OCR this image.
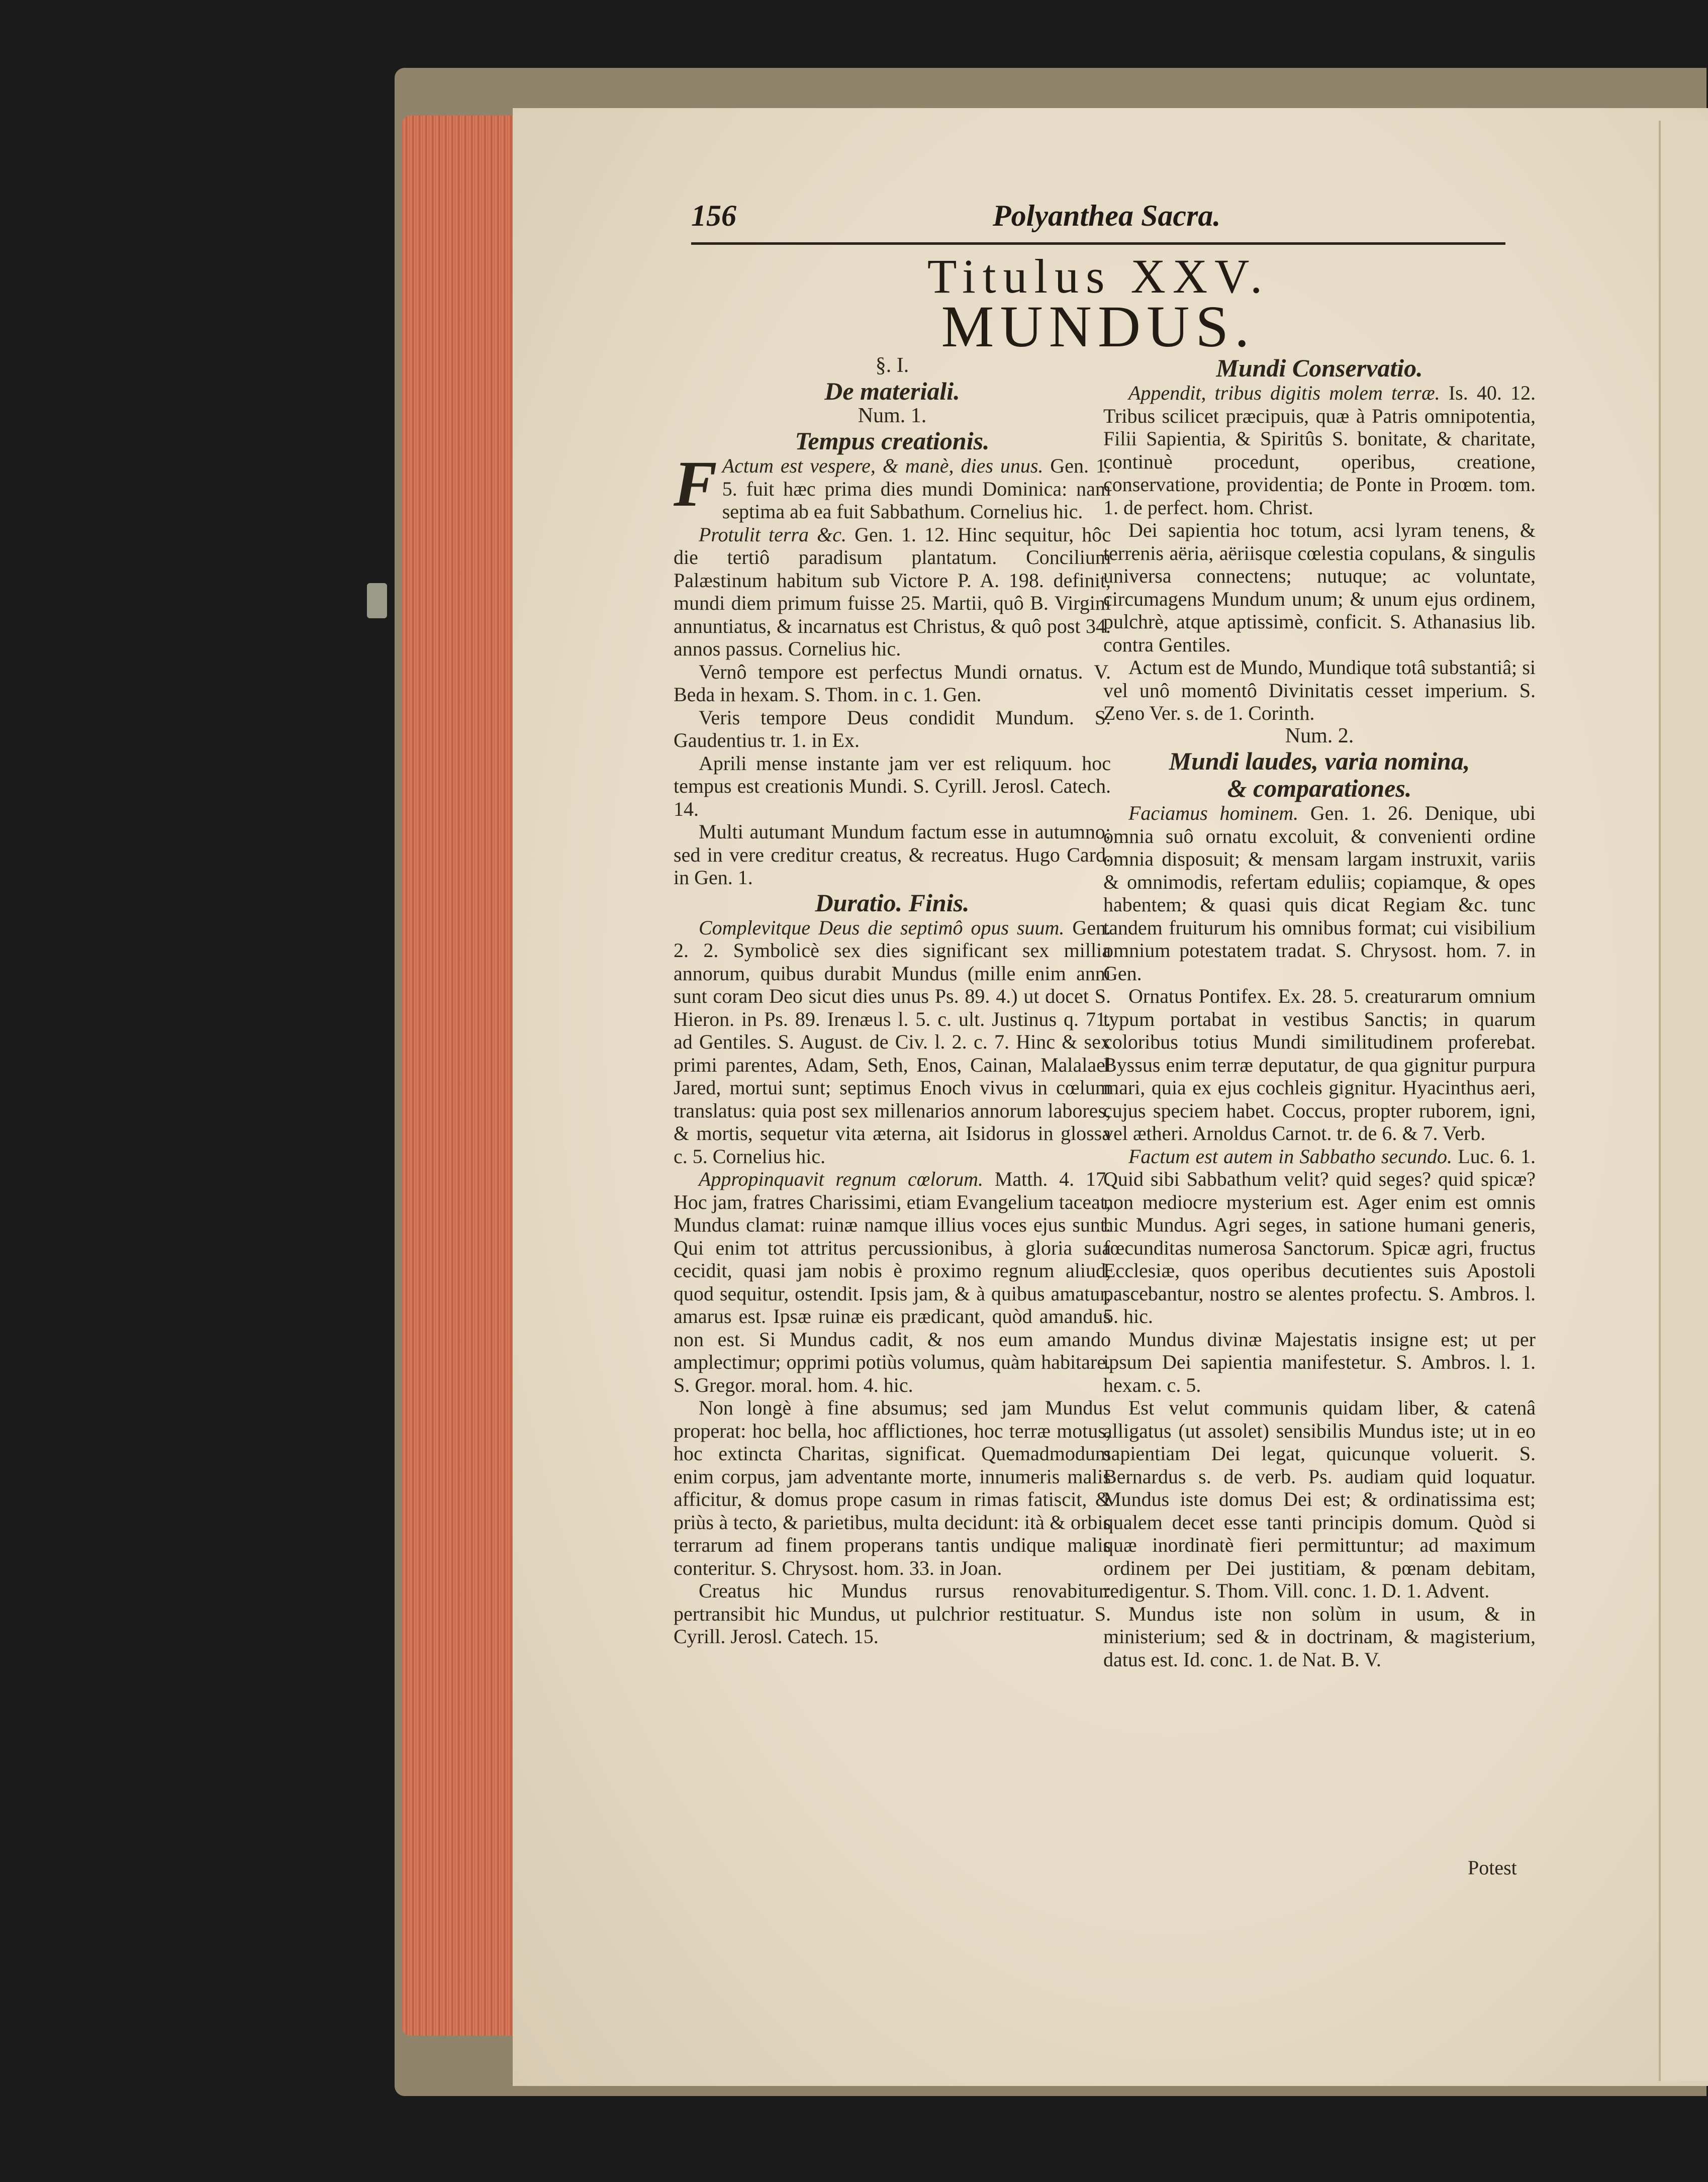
156	Polyanthea Sacra.
Titulus XXV.
MUNDUS.
§. I.
De materiali.
Num. 1.
Tempus creationis.

F Actum est vespere, & manè, dies unus. Gen. 1. 5. fuit hæc prima dies mundi Dominica: nam septima ab ea fuit Sabbathum. Cornelius hic.

Protulit terra &c. Gen. 1. 12. Hinc sequitur, hôc die tertiô paradisum plantatum. Concilium Palæstinum habitum sub Victore P. A. 198. definit, mundi diem primum fuisse 25. Martii, quô B. Virgini annuntiatus, & incarnatus est Christus, & quô post 34. annos passus. Cornelius hic.

Vernô tempore est perfectus Mundi ornatus. V. Beda in hexam. S. Thom. in c. 1. Gen.

Veris tempore Deus condidit Mundum. S. Gaudentius tr. 1. in Ex.

Aprili mense instante jam ver est reliquum. hoc tempus est creationis Mundi. S. Cyrill. Jerosl. Catech. 14.

Multi autumant Mundum factum esse in autumno; sed in vere creditur creatus, & recreatus. Hugo Card. in Gen. 1.

Duratio. Finis.

Complevitque Deus die septimô opus suum. Gen. 2. 2. Symbolicè sex dies significant sex millia annorum, quibus durabit Mundus (mille enim anni sunt coram Deo sicut dies unus Ps. 89. 4.) ut docet S. Hieron. in Ps. 89. Irenæus l. 5. c. ult. Justinus q. 71. ad Gentiles. S. August. de Civ. l. 2. c. 7. Hinc & sex primi parentes, Adam, Seth, Enos, Cainan, Malalael Jared, mortui sunt; septimus Enoch vivus in cœlum translatus: quia post sex millenarios annorum labores, & mortis, sequetur vita æterna, ait Isidorus in glossa c. 5. Cornelius hic.

Appropinquavit regnum cœlorum. Matth. 4. 17. Hoc jam, fratres Charissimi, etiam Evangelium taceat, Mundus clamat: ruinæ namque illius voces ejus sunt. Qui enim tot attritus percussionibus, à gloria sua cecidit, quasi jam nobis è proximo regnum aliud, quod sequitur, ostendit. Ipsis jam, & à quibus amatur, amarus est. Ipsæ ruinæ eis prædicant, quòd amandus non est. Si Mundus cadit, & nos eum amando amplectimur; opprimi potiùs volumus, quàm habitare. S. Gregor. moral. hom. 4. hic.

Non longè à fine absumus; sed jam Mundus properat: hoc bella, hoc afflictiones, hoc terræ motus, hoc extincta Charitas, significat. Quemadmodum enim corpus, jam adventante morte, innumeris malis afficitur, & domus prope casum in rimas fatiscit, & priùs à tecto, & parietibus, multa decidunt: ità & orbis terrarum ad finem properans tantis undique malis conteritur. S. Chrysost. hom. 33. in Joan.

Creatus hic Mundus rursus renovabitur: pertransibit hic Mundus, ut pulchrior restituatur. S. Cyrill. Jerosl. Catech. 15.

Mundi Conservatio.

Appendit, tribus digitis molem terræ. Is. 40. 12. Tribus scilicet præcipuis, quæ à Patris omnipotentia, Filii Sapientia, & Spiritûs S. bonitate, & charitate, continuè procedunt, operibus, creatione, conservatione, providentia; de Ponte in Proœm. tom. 1. de perfect. hom. Christ.

Dei sapientia hoc totum, acsi lyram tenens, & terrenis aëria, aëriisque cœlestia copulans, & singulis universa connectens; nutuque; ac voluntate, circumagens Mundum unum; & unum ejus ordinem, pulchrè, atque aptissimè, conficit. S. Athanasius lib. contra Gentiles.

Actum est de Mundo, Mundique totâ substantiâ; si vel unô momentô Divinitatis cesset imperium. S. Zeno Ver. s. de 1. Corinth.

Num. 2.
Mundi laudes, varia nomina,
& comparationes.

Faciamus hominem. Gen. 1. 26. Denique, ubi omnia suô ornatu excoluit, & convenienti ordine omnia disposuit; & mensam largam instruxit, variis & omnimodis, refertam eduliis; copiamque, & opes habentem; & quasi quis dicat Regiam &c. tunc tandem fruiturum his omnibus format; cui visibilium omnium potestatem tradat. S. Chrysost. hom. 7. in Gen.

Ornatus Pontifex. Ex. 28. 5. creaturarum omnium typum portabat in vestibus Sanctis; in quarum coloribus totius Mundi similitudinem proferebat. Byssus enim terræ deputatur, de qua gignitur purpura mari, quia ex ejus cochleis gignitur. Hyacinthus aeri, cujus speciem habet. Coccus, propter ruborem, igni, vel ætheri. Arnoldus Carnot. tr. de 6. & 7. Verb.

Factum est autem in Sabbatho secundo. Luc. 6. 1. Quid sibi Sabbathum velit? quid seges? quid spicæ? non mediocre mysterium est. Ager enim est omnis hic Mundus. Agri seges, in satione humani generis, fœcunditas numerosa Sanctorum. Spicæ agri, fructus Ecclesiæ, quos operibus decutientes suis Apostoli pascebantur, nostro se alentes profectu. S. Ambros. l. 5. hic.

Mundus divinæ Majestatis insigne est; ut per ipsum Dei sapientia manifestetur. S. Ambros. l. 1. hexam. c. 5.

Est velut communis quidam liber, & catenâ alligatus (ut assolet) sensibilis Mundus iste; ut in eo sapientiam Dei legat, quicunque voluerit. S. Bernardus s. de verb. Ps. audiam quid loquatur. Mundus iste domus Dei est; & ordinatissima est; qualem decet esse tanti principis domum. Quòd si quæ inordinatè fieri permittuntur; ad maximum ordinem per Dei justitiam, & pœnam debitam, redigentur. S. Thom. Vill. conc. 1. D. 1. Advent.

Mundus iste non solùm in usum, & in ministerium; sed & in doctrinam, & magisterium, datus est. Id. conc. 1. de Nat. B. V.

Potest
